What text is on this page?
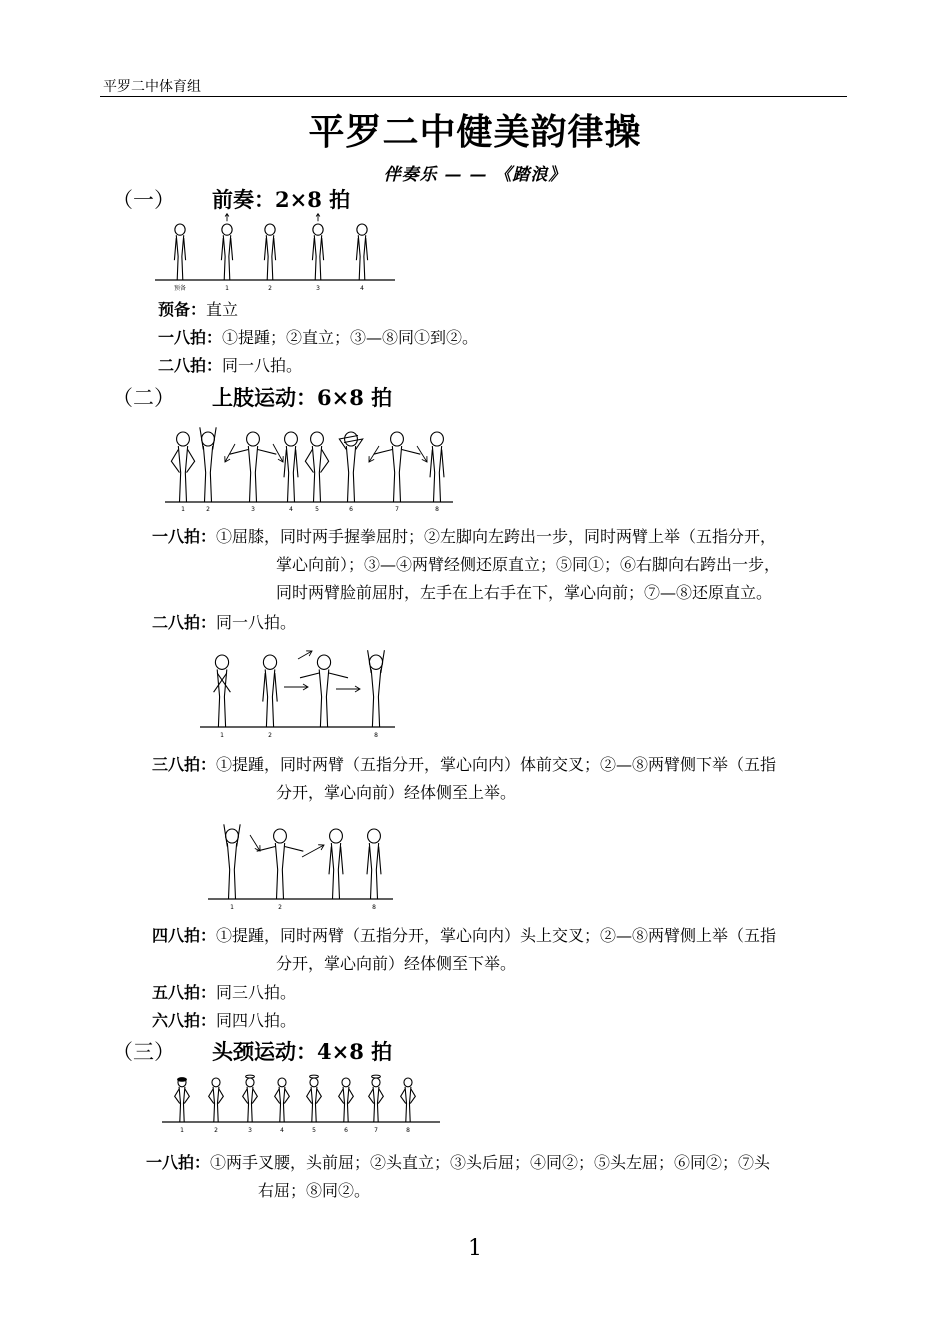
平罗二中体育组
平罗二中健美韵律操
伴奏乐 — — 《踏浪》
（一） 前奏：2×8 拍
预备	1	2	3	4
预备：直立
一八拍：①提踵；②直立；③—⑧同①到②。
二八拍：同一八拍。
（二） 上肢运动：6×8 拍
1	2	3	4	5	6	7	8
一八拍：①屈膝，同时两手握拳屈肘；②左脚向左跨出一步，同时两臂上举（五指分开，
掌心向前）；③—④两臂经侧还原直立；⑤同①；⑥右脚向右跨出一步，
同时两臂脸前屈肘，左手在上右手在下，掌心向前；⑦—⑧还原直立。
二八拍：同一八拍。
1	2	8
三八拍：①提踵，同时两臂（五指分开，掌心向内）体前交叉；②—⑧两臂侧下举（五指
分开，掌心向前）经体侧至上举。
1	2	8
四八拍：①提踵，同时两臂（五指分开，掌心向内）头上交叉；②—⑧两臂侧上举（五指
分开，掌心向前）经体侧至下举。
五八拍：同三八拍。
六八拍：同四八拍。
（三） 头颈运动：4×8 拍
1	2	3	4	5	6	7	8
一八拍：①两手叉腰，头前屈；②头直立；③头后屈；④同②；⑤头左屈；⑥同②；⑦头
右屈；⑧同②。
1
